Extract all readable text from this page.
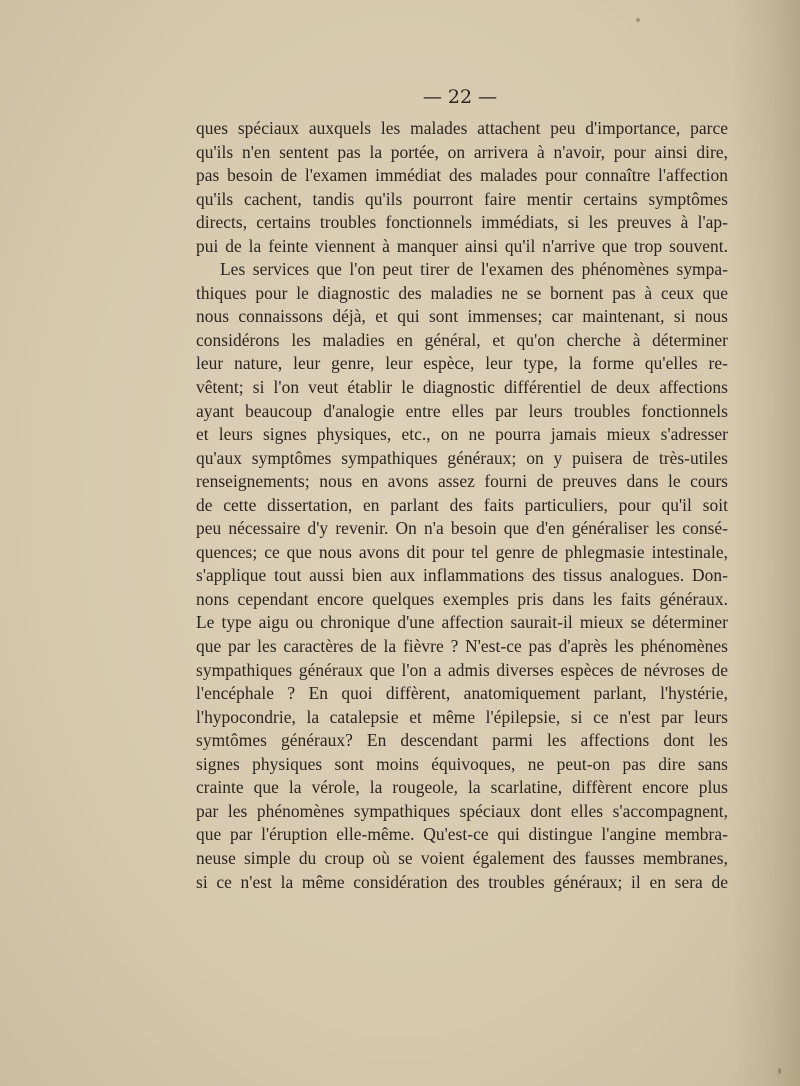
— 22 —
ques spéciaux auxquels les malades attachent peu d'importance, parce
qu'ils n'en sentent pas la portée, on arrivera à n'avoir, pour ainsi dire,
pas besoin de l'examen immédiat des malades pour connaître l'affection
qu'ils cachent, tandis qu'ils pourront faire mentir certains symptômes
directs, certains troubles fonctionnels immédiats, si les preuves à l'ap-
pui de la feinte viennent à manquer ainsi qu'il n'arrive que trop souvent.
Les services que l'on peut tirer de l'examen des phénomènes sympa-
thiques pour le diagnostic des maladies ne se bornent pas à ceux que
nous connaissons déjà, et qui sont immenses; car maintenant, si nous
considérons les maladies en général, et qu'on cherche à déterminer
leur nature, leur genre, leur espèce, leur type, la forme qu'elles re-
vêtent; si l'on veut établir le diagnostic différentiel de deux affections
ayant beaucoup d'analogie entre elles par leurs troubles fonctionnels
et leurs signes physiques, etc., on ne pourra jamais mieux s'adresser
qu'aux symptômes sympathiques généraux; on y puisera de très-utiles
renseignements; nous en avons assez fourni de preuves dans le cours
de cette dissertation, en parlant des faits particuliers, pour qu'il soit
peu nécessaire d'y revenir. On n'a besoin que d'en généraliser les consé-
quences; ce que nous avons dit pour tel genre de phlegmasie intestinale,
s'applique tout aussi bien aux inflammations des tissus analogues. Don-
nons cependant encore quelques exemples pris dans les faits généraux.
Le type aigu ou chronique d'une affection saurait-il mieux se déterminer
que par les caractères de la fièvre ? N'est-ce pas d'après les phénomènes
sympathiques généraux que l'on a admis diverses espèces de névroses de
l'encéphale ? En quoi diffèrent, anatomiquement parlant, l'hystérie,
l'hypocondrie, la catalepsie et même l'épilepsie, si ce n'est par leurs
symtômes généraux? En descendant parmi les affections dont les
signes physiques sont moins équivoques, ne peut-on pas dire sans
crainte que la vérole, la rougeole, la scarlatine, diffèrent encore plus
par les phénomènes sympathiques spéciaux dont elles s'accompagnent,
que par l'éruption elle-même. Qu'est-ce qui distingue l'angine membra-
neuse simple du croup où se voient également des fausses membranes,
si ce n'est la même considération des troubles généraux; il en sera de
